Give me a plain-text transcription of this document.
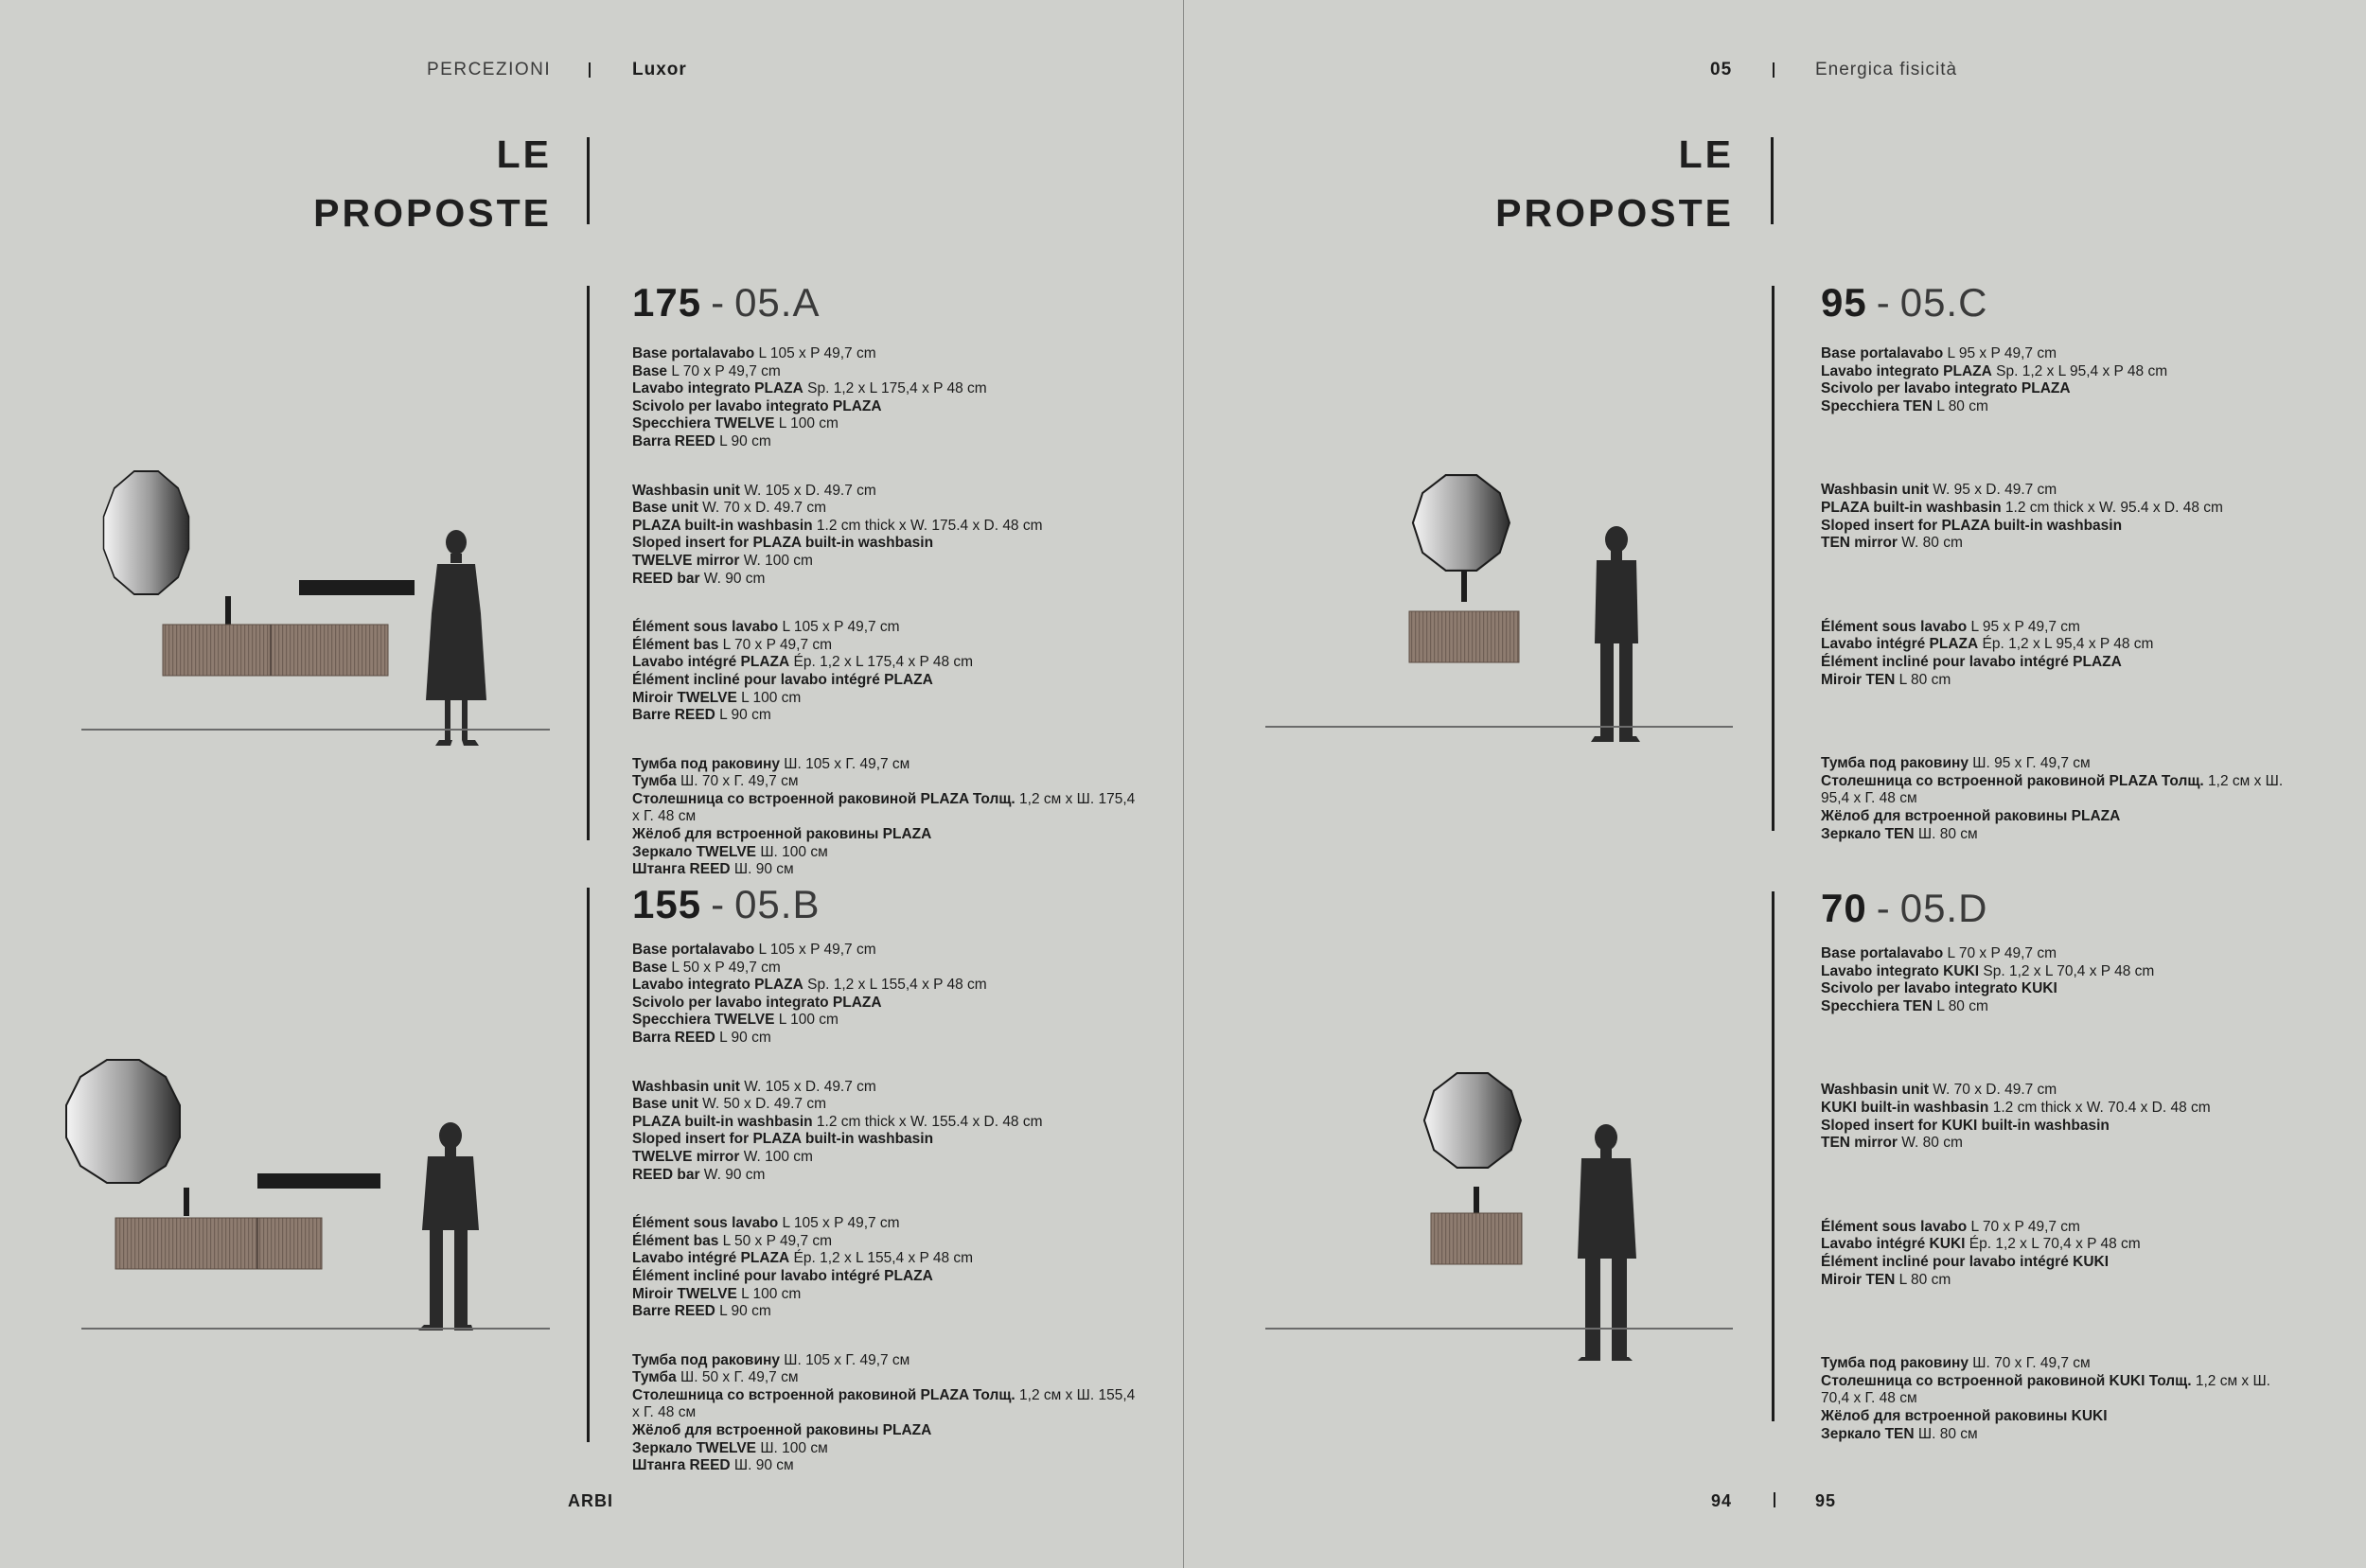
PERCEZIONI	Luxor
LE
PROPOSTE
175 - 05.A
Base portalavabo L 105 x P 49,7 cm
Base L 70 x P 49,7 cm
Lavabo integrato PLAZA Sp. 1,2 x L 175,4 x P 48 cm
Scivolo per lavabo integrato PLAZA
Specchiera TWELVE L 100 cm
Barra REED L 90 cm
Washbasin unit W. 105 x D. 49.7 cm
Base unit W. 70 x D. 49.7 cm
PLAZA built-in washbasin 1.2 cm thick x W. 175.4 x D. 48 cm
Sloped insert for PLAZA built-in washbasin
TWELVE mirror W. 100 cm
REED bar W. 90 cm
Élément sous lavabo L 105 x P 49,7 cm
Élément bas L 70 x P 49,7 cm
Lavabo intégré PLAZA Ép. 1,2 x L 175,4 x P 48 cm
Élément incliné pour lavabo intégré PLAZA
Miroir TWELVE L 100 cm
Barre REED L 90 cm
Тумба под раковину Ш. 105 x Г. 49,7 см
Тумба Ш. 70 x Г. 49,7 см
Столешница со встроенной раковиной PLAZA Толщ. 1,2 см x Ш. 175,4 x Г. 48 см
Жёлоб для встроенной раковины PLAZA
Зеркало TWELVE Ш. 100 см
Штанга REED Ш. 90 см
155 - 05.B
Base portalavabo L 105 x P 49,7 cm
Base L 50 x P 49,7 cm
Lavabo integrato PLAZA Sp. 1,2 x L 155,4 x P 48 cm
Scivolo per lavabo integrato PLAZA
Specchiera TWELVE L 100 cm
Barra REED L 90 cm
Washbasin unit W. 105 x D. 49.7 cm
Base unit W. 50 x D. 49.7 cm
PLAZA built-in washbasin 1.2 cm thick x W. 155.4 x D. 48 cm
Sloped insert for PLAZA built-in washbasin
TWELVE mirror W. 100 cm
REED bar W. 90 cm
Élément sous lavabo L 105 x P 49,7 cm
Élément bas L 50 x P 49,7 cm
Lavabo intégré PLAZA Ép. 1,2 x L 155,4 x P 48 cm
Élément incliné pour lavabo intégré PLAZA
Miroir TWELVE L 100 cm
Barre REED L 90 cm
Тумба под раковину Ш. 105 x Г. 49,7 см
Тумба Ш. 50 x Г. 49,7 см
Столешница со встроенной раковиной PLAZA Толщ. 1,2 см x Ш. 155,4 x Г. 48 см
Жёлоб для встроенной раковины PLAZA
Зеркало TWELVE Ш. 100 см
Штанга REED Ш. 90 см
ARBI
05	Energica fisicità
LE
PROPOSTE
95 - 05.C
Base portalavabo L 95 x P 49,7 cm
Lavabo integrato PLAZA Sp. 1,2 x L 95,4 x P 48 cm
Scivolo per lavabo integrato PLAZA
Specchiera TEN L 80 cm
Washbasin unit W. 95 x D. 49.7 cm
PLAZA built-in washbasin 1.2 cm thick x W. 95.4 x D. 48 cm
Sloped insert for PLAZA built-in washbasin
TEN mirror W. 80 cm
Élément sous lavabo L 95 x P 49,7 cm
Lavabo intégré PLAZA Ép. 1,2 x L 95,4 x P 48 cm
Élément incliné pour lavabo intégré PLAZA
Miroir TEN L 80 cm
Тумба под раковину Ш. 95 x Г. 49,7 см
Столешница со встроенной раковиной PLAZA Толщ. 1,2 см x Ш. 95,4 x Г. 48 см
Жёлоб для встроенной раковины PLAZA
Зеркало TEN Ш. 80 см
70 - 05.D
Base portalavabo L 70 x P 49,7 cm
Lavabo integrato KUKI Sp. 1,2 x L 70,4 x P 48 cm
Scivolo per lavabo integrato KUKI
Specchiera TEN L 80 cm
Washbasin unit W. 70 x D. 49.7 cm
KUKI built-in washbasin 1.2 cm thick x W. 70.4 x D. 48 cm
Sloped insert for KUKI built-in washbasin
TEN mirror W. 80 cm
Élément sous lavabo L 70 x P 49,7 cm
Lavabo intégré KUKI Ép. 1,2 x L 70,4 x P 48 cm
Élément incliné pour lavabo intégré KUKI
Miroir TEN L 80 cm
Тумба под раковину Ш. 70 x Г. 49,7 см
Столешница со встроенной раковиной KUKI Толщ. 1,2 см x Ш. 70,4 x Г. 48 см
Жёлоб для встроенной раковины KUKI
Зеркало TEN Ш. 80 см
94	95
